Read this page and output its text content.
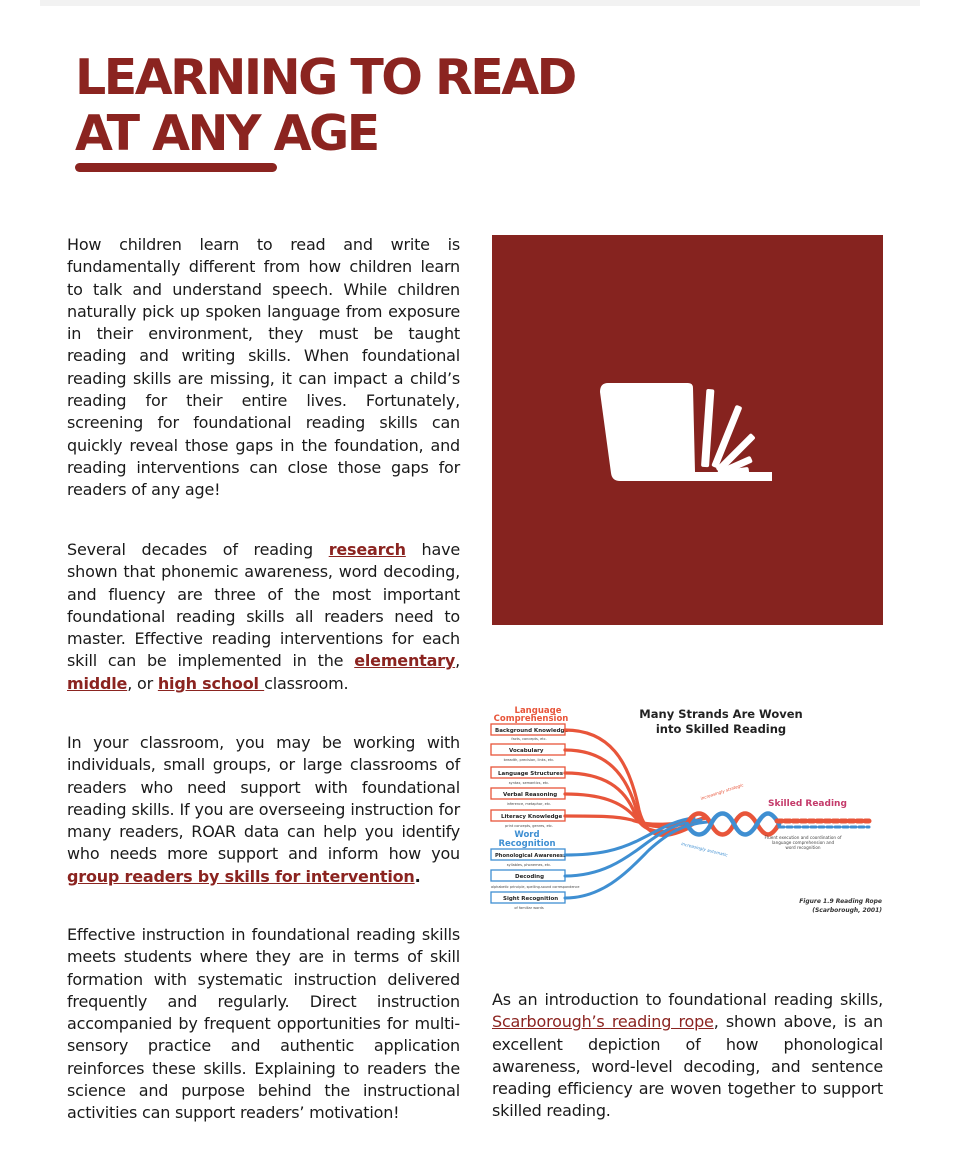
LEARNING TO READ
AT ANY AGE

How children learn to read and write is fundamentally different from how children learn to talk and understand speech. While children naturally pick up spoken language from exposure in their environment, they must be taught reading and writing skills. When foundational reading skills are missing, it can impact a child’s reading for their entire lives. Fortunately, screening for foundational reading skills can quickly reveal those gaps in the foundation, and reading interventions can close those gaps for readers of any age!

Several decades of reading research have shown that phonemic awareness, word decoding, and fluency are three of the most important foundational reading skills all readers need to master. Effective reading interventions for each skill can be implemented in the elementary, middle, or high school classroom.

In your classroom, you may be working with individuals, small groups, or large classrooms of readers who need support with foundational reading skills. If you are overseeing instruction for many readers, ROAR data can help you identify who needs more support and inform how you group readers by skills for intervention.

Effective instruction in foundational reading skills meets students where they are in terms of skill formation with systematic instruction delivered frequently and regularly. Direct instruction accompanied by frequent opportunities for multi-sensory practice and authentic application reinforces these skills. Explaining to readers the science and purpose behind the instructional activities can support readers’ motivation!

As an introduction to foundational reading skills, Scarborough’s reading rope, shown above, is an excellent depiction of how phonological awareness, word-level decoding, and sentence reading efficiency are woven together to support skilled reading.

Many Strands Are Woven
into Skilled Reading
Language
Comprehension
Background Knowledge
facts, concepts, etc.
Vocabulary
breadth, precision, links, etc.
Language Structures
syntax, semantics, etc.
Verbal Reasoning
inference, metaphor, etc.
Literacy Knowledge
print concepts, genres, etc.
Word
Recognition
Phonological Awareness
syllables, phonemes, etc.
Decoding
alphabetic principle, spelling-sound correspondence
Sight Recognition
of familiar words
increasingly strategic
increasingly automatic
Skilled Reading
Fluent execution and coordination of
language comprehension and
word recognition
Figure 1.9 Reading Rope
(Scarborough, 2001)
